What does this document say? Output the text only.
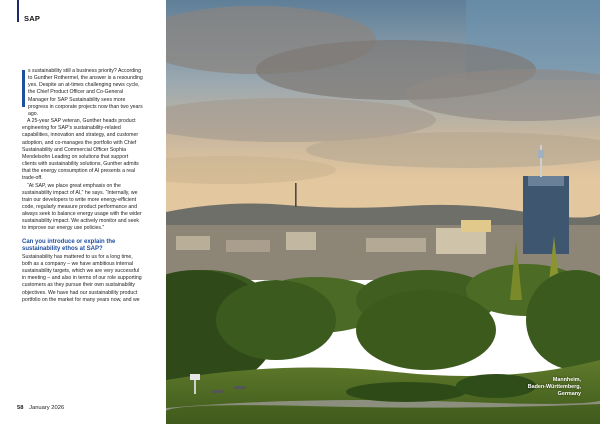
SAP

s sustainability still a business priority? According to Gunther Rothermel, the answer is a resounding yes. Despite an at-times challenging news cycle, the Chief Product Officer and Co-General Manager for SAP Sustainability sees more progress in corporate projects now than two years ago.

A 25-year SAP veteran, Gunther heads product engineering for SAP’s sustainability-related capabilities, innovation and strategy, and customer adoption, and co-manages the portfolio with Chief Sustainability and Commercial Officer Sophia Mendelsohn Leading on solutions that support clients with sustainability solutions, Gunther admits that the energy consumption of AI presents a real trade-off.

“At SAP, we place great emphasis on the sustainability impact of AI,” he says. “Internally, we train our developers to write more energy-efficient code, regularly measure product performance and always seek to balance energy usage with the wider sustainability impact. We actively monitor and seek to improve our energy use policies.”

Can you introduce or explain the sustainability ethos at SAP?

Sustainability has mattered to us for a long time, both as a company – we have ambitious internal sustainability targets, which we are very successful in meeting – and also in terms of our role supporting customers as they pursue their own sustainability objectives. We have had our sustainability product portfolio on the market for many years now, and we

58 January 2026
Mannheim,
Baden-Württemberg,
Germany
